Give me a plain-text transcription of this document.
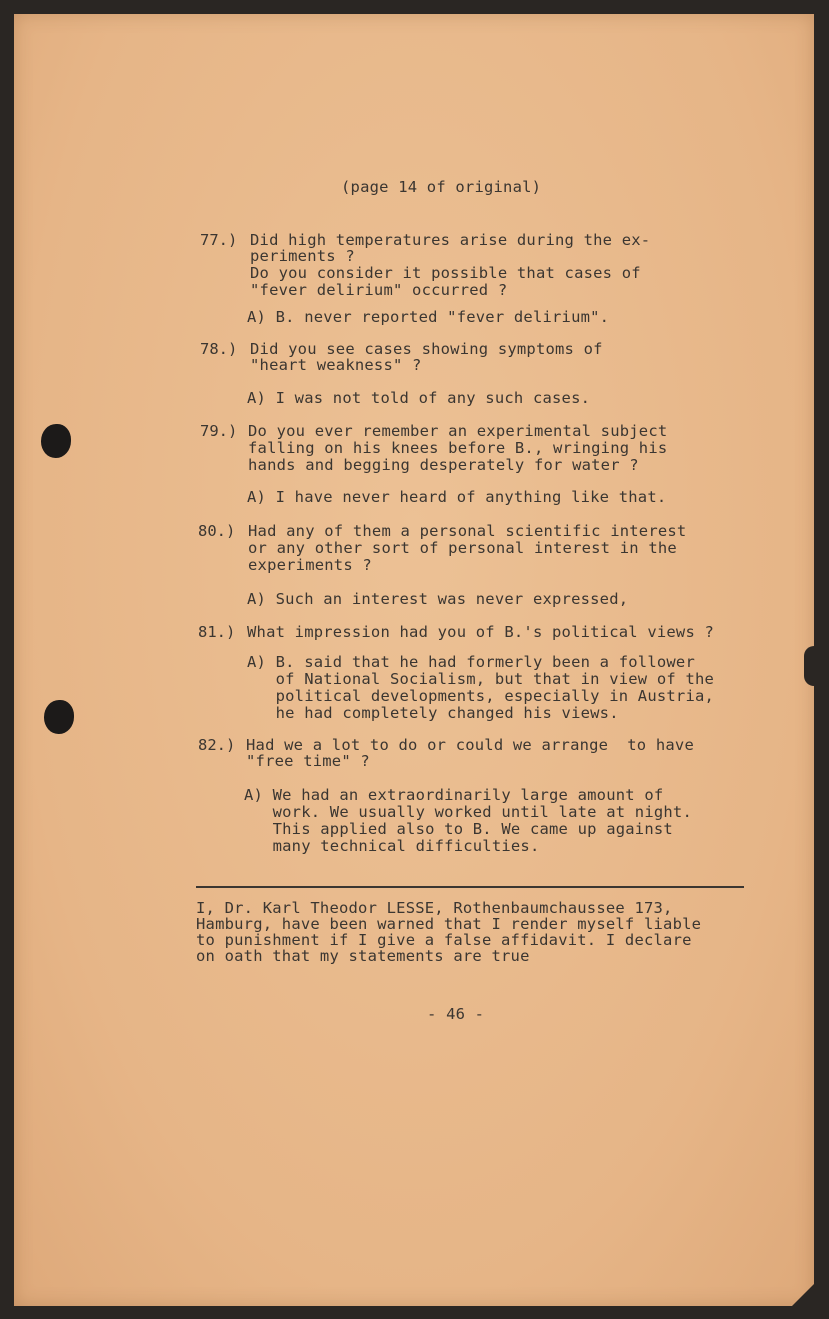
(page 14 of original)

77.) Did high temperatures arise during the ex-

periments ?

Do you consider it possible that cases of

"fever delirium" occurred ?

A) B. never reported "fever delirium".

78.) Did you see cases showing symptoms of

"heart weakness" ?

A) I was not told of any such cases.

79.) Do you ever remember an experimental subject

falling on his knees before B., wringing his

hands and begging desperately for water ?

A) I have never heard of anything like that.

80.) Had any of them a personal scientific interest

or any other sort of personal interest in the

experiments ?

A) Such an interest was never expressed,

81.) What impression had you of B.'s political views ?

A) B. said that he had formerly been a follower

of National Socialism, but that in view of the

political developments, especially in Austria,

he had completely changed his views.

82.) Had we a lot to do or could we arrange  to have

"free time" ?

A) We had an extraordinarily large amount of

work. We usually worked until late at night.

This applied also to B. We came up against

many technical difficulties.

I, Dr. Karl Theodor LESSE, Rothenbaumchaussee 173,

Hamburg, have been warned that I render myself liable

to punishment if I give a false affidavit. I declare

on oath that my statements are true

- 46 -
